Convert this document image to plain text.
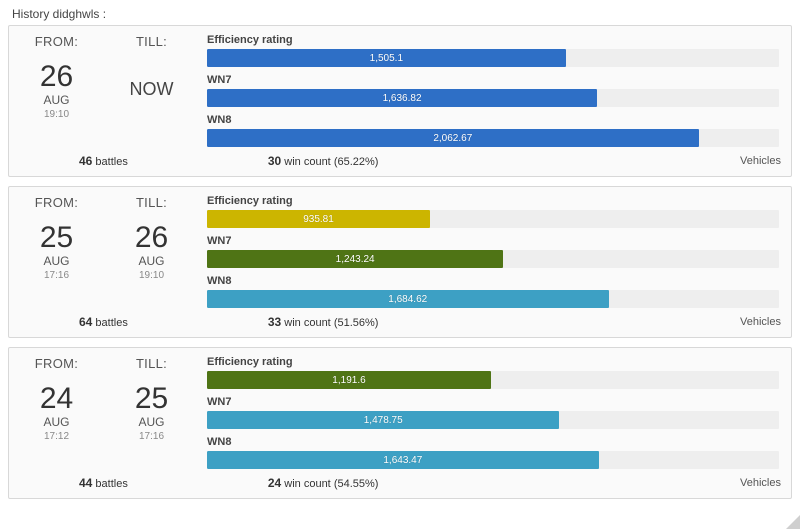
History didghwls :
FROM:
26
AUG
19:10
TILL:
NOW
Efficiency rating
1,505.1
WN7
1,636.82
WN8
2,062.67
46 battles	30 win count (65.22%)	Vehicles
FROM:
25
AUG
17:16
TILL:
26
AUG
19:10
Efficiency rating
935.81
WN7
1,243.24
WN8
1,684.62
64 battles	33 win count (51.56%)	Vehicles
FROM:
24
AUG
17:12
TILL:
25
AUG
17:16
Efficiency rating
1,191.6
WN7
1,478.75
WN8
1,643.47
44 battles	24 win count (54.55%)	Vehicles
